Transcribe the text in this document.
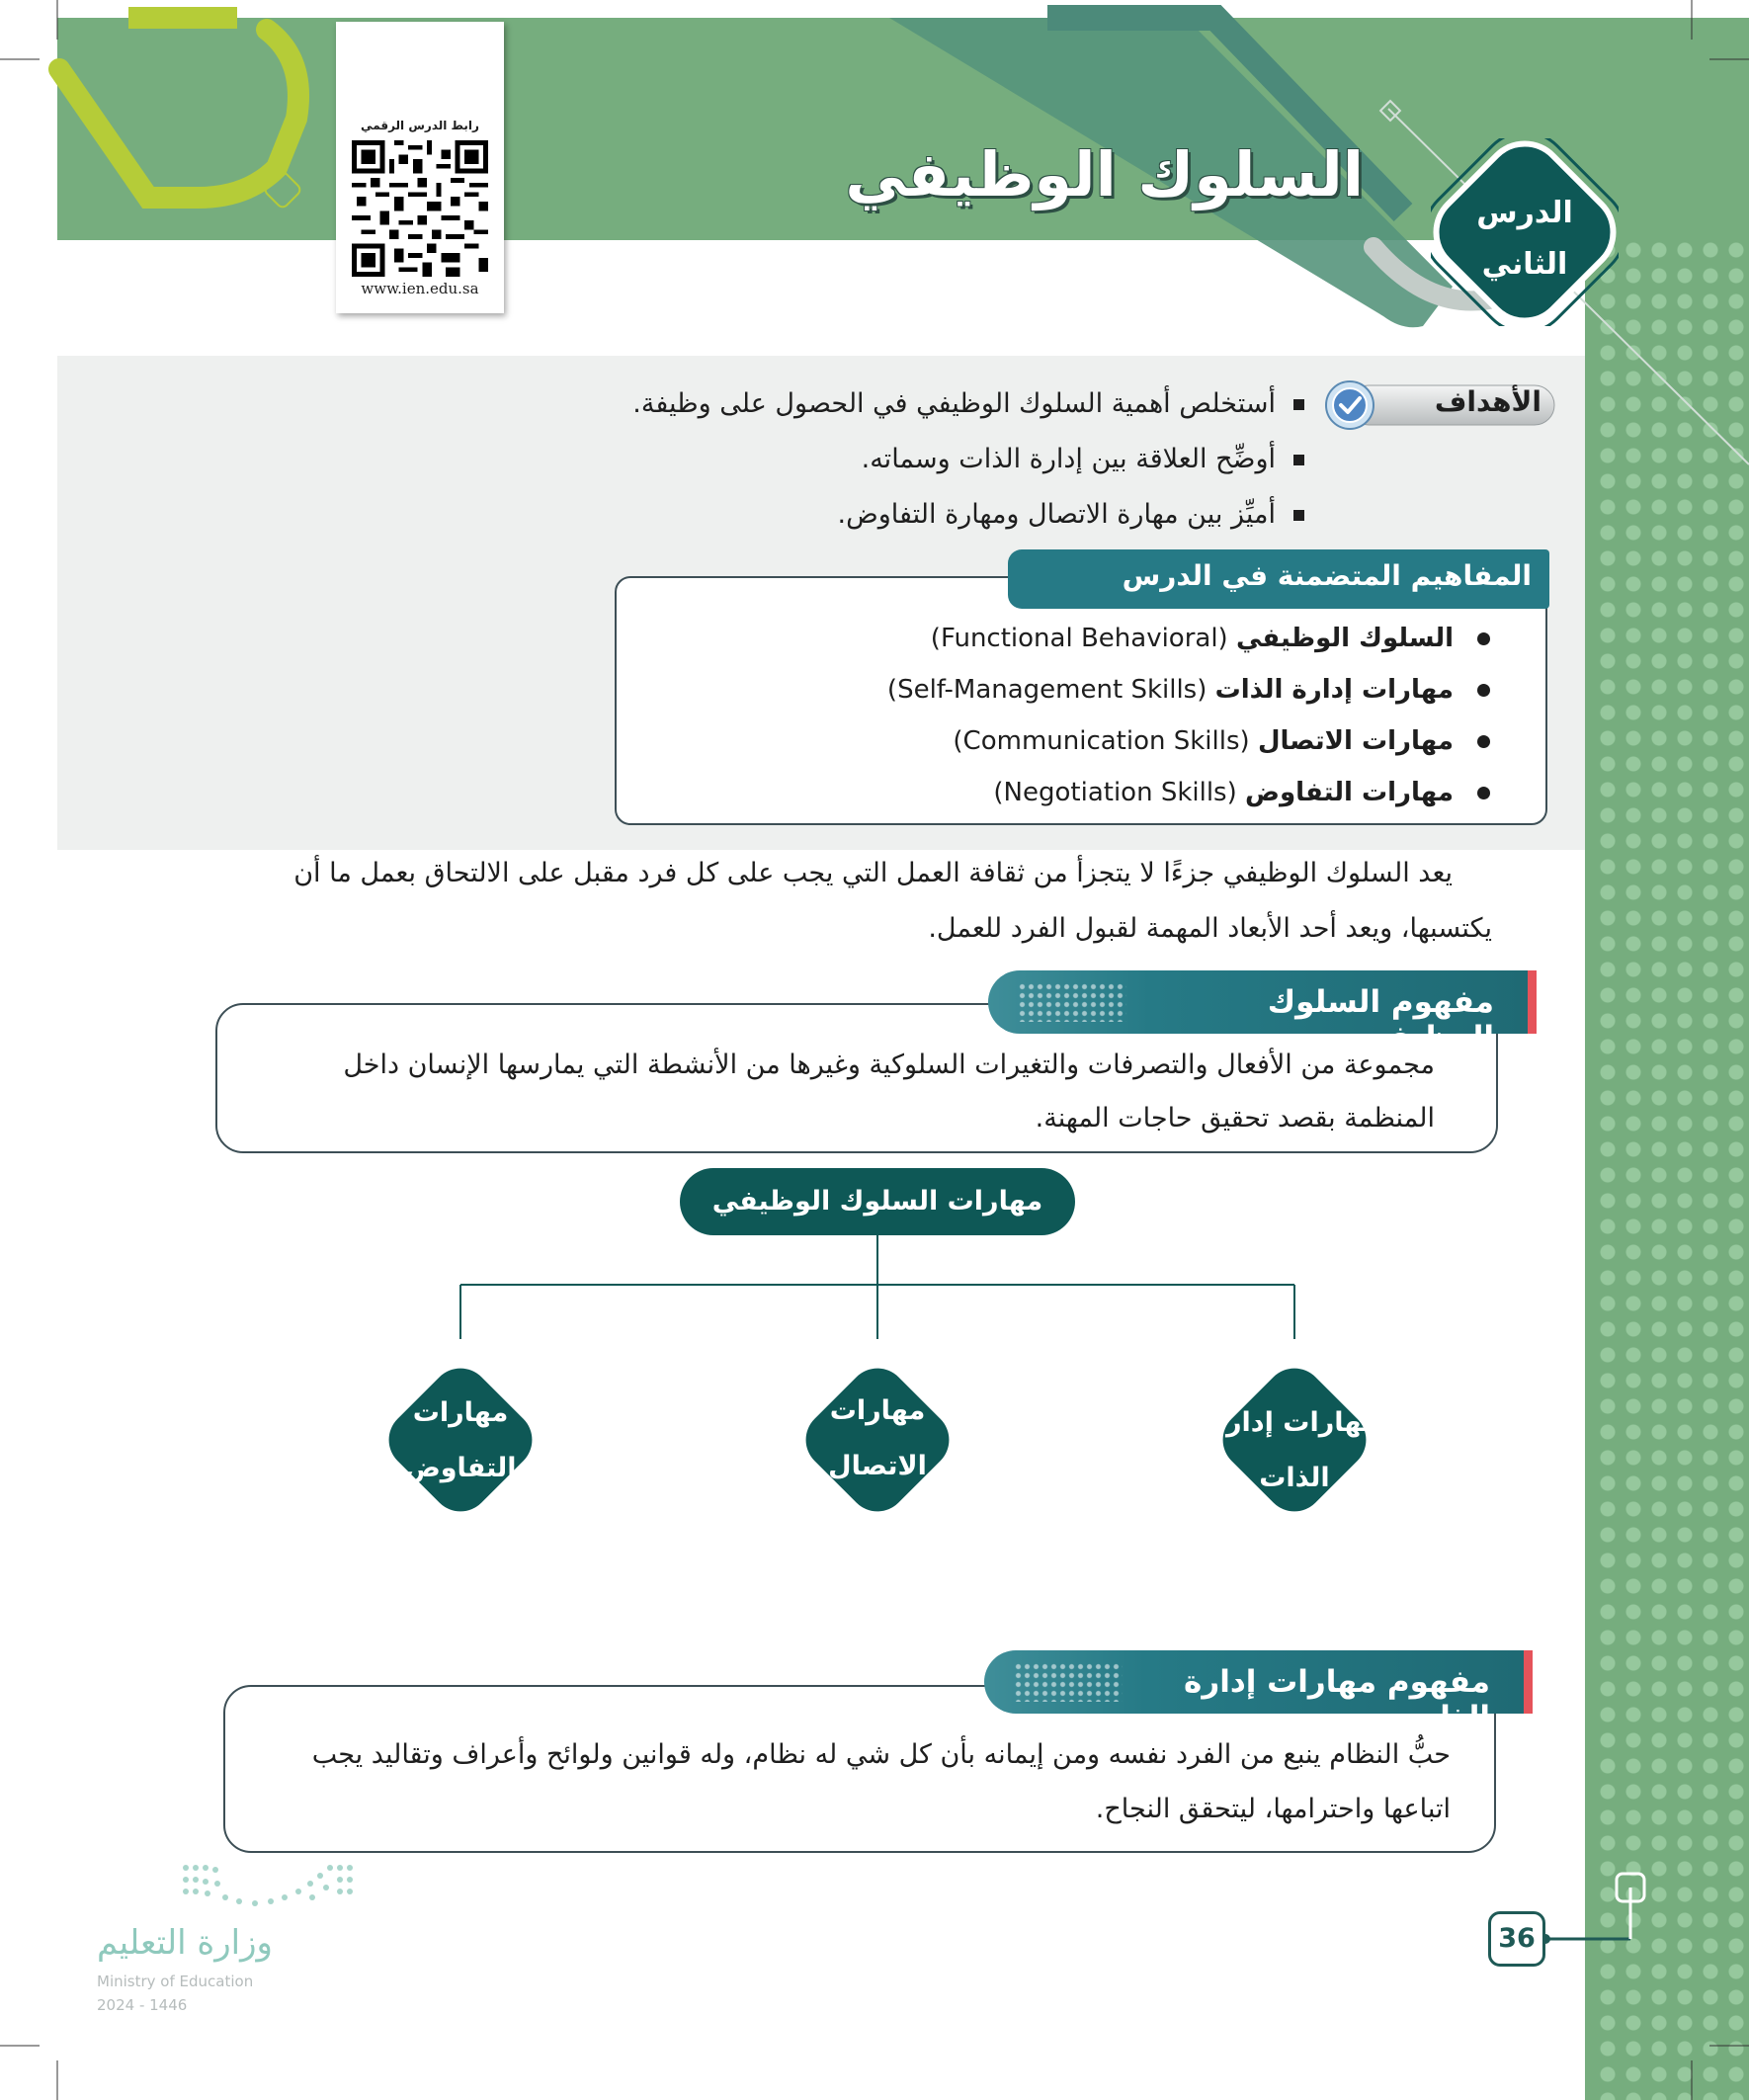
السلوك الوظيفي
الدرس
الثاني
رابط الدرس الرقمي
www.ien.edu.sa
الأهداف
أستخلص أهمية السلوك الوظيفي في الحصول على وظيفة.
أوضِّح العلاقة بين إدارة الذات وسماته.
أميِّز بين مهارة الاتصال ومهارة التفاوض.
المفاهيم المتضمنة في الدرس
السلوك الوظيفي (Functional Behavioral)
مهارات إدارة الذات (Self-Management Skills)
مهارات الاتصال (Communication Skills)
مهارات التفاوض (Negotiation Skills)
يعد السلوك الوظيفي جزءًا لا يتجزأ من ثقافة العمل التي يجب على كل فرد مقبل على الالتحاق بعمل ما أن
يكتسبها، ويعد أحد الأبعاد المهمة لقبول الفرد للعمل.
مفهوم السلوك الوظيفي
مجموعة من الأفعال والتصرفات والتغيرات السلوكية وغيرها من الأنشطة التي يمارسها الإنسان داخل
المنظمة بقصد تحقيق حاجات المهنة.
مهارات السلوك الوظيفي
مهارات إدارة
الذات
مهارات
الاتصال
مهارات
التفاوض
مفهوم مهارات إدارة الذات
حبُّ النظام ينبع من الفرد نفسه ومن إيمانه بأن كل شي له نظام، وله قوانين ولوائح وأعراف وتقاليد يجب
اتباعها واحترامها، ليتحقق النجاح.
36
وزارة التعليم
Ministry of Education
2024 - 1446
